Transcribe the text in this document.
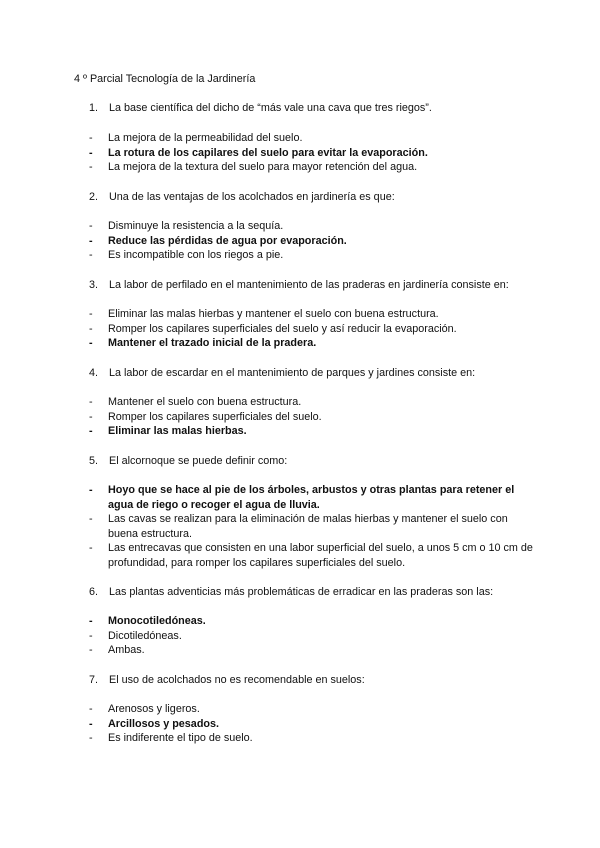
4 º Parcial Tecnología de la Jardinería
1. La base científica del dicho de “más vale una cava que tres riegos”.
-	La mejora de la permeabilidad del suelo.
-	La rotura de los capilares del suelo para evitar la evaporación.
-	La mejora de la textura del suelo para mayor retención del agua.
2. Una de las ventajas de los acolchados en jardinería es que:
-	Disminuye la resistencia a la sequía.
-	Reduce las pérdidas de agua por evaporación.
-	Es incompatible con los riegos a pie.
3. La labor de perfilado en el mantenimiento de las praderas en jardinería consiste en:
-	Eliminar las malas hierbas y mantener el suelo con buena estructura.
-	Romper los capilares superficiales del suelo y así reducir la evaporación.
-	Mantener el trazado inicial de la pradera.
4. La labor de escardar en el mantenimiento de parques y jardines consiste en:
-	Mantener el suelo con buena estructura.
-	Romper los capilares superficiales del suelo.
-	Eliminar las malas hierbas.
5. El alcornoque se puede definir como:
-	Hoyo que se hace al pie de los árboles, arbustos y otras plantas para retener el agua de riego o recoger el agua de lluvia.
-	Las cavas se realizan para la eliminación de malas hierbas y mantener el suelo con buena estructura.
-	Las entrecavas que consisten en una labor superficial del suelo, a unos 5 cm o 10 cm de profundidad, para romper los capilares superficiales del suelo.
6. Las plantas adventicias más problemáticas de erradicar en las praderas son las:
-	Monocotiledóneas.
-	Dicotiledóneas.
-	Ambas.
7. El uso de acolchados no es recomendable en suelos:
-	Arenosos y ligeros.
-	Arcillosos y pesados.
-	Es indiferente el tipo de suelo.
